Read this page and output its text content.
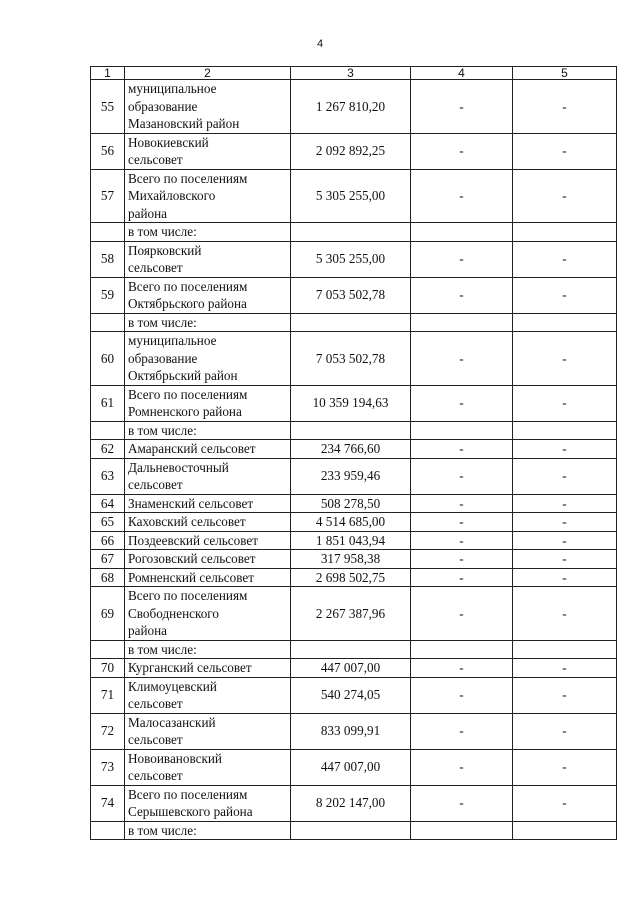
4
1	2	3	4	5
55	муниципальное
образование
Мазановский район	1 267 810,20	-	-
56	Новокиевский
сельсовет	2 092 892,25	-	-
57	Всего по поселениям
Михайловского
района	5 305 255,00	-	-
	в том числе:			
58	Поярковский
сельсовет	5 305 255,00	-	-
59	Всего по поселениям
Октябрьского района	7 053 502,78	-	-
	в том числе:			
60	муниципальное
образование
Октябрьский район	7 053 502,78	-	-
61	Всего по поселениям
Ромненского района	10 359 194,63	-	-
	в том числе:			
62	Амаранский сельсовет	234 766,60	-	-
63	Дальневосточный
сельсовет	233 959,46	-	-
64	Знаменский сельсовет	508 278,50	-	-
65	Каховский сельсовет	4 514 685,00	-	-
66	Поздеевский сельсовет	1 851 043,94	-	-
67	Рогозовский сельсовет	317 958,38	-	-
68	Ромненский сельсовет	2 698 502,75	-	-
69	Всего по поселениям
Свободненского
района	2 267 387,96	-	-
	в том числе:			
70	Курганский сельсовет	447 007,00	-	-
71	Климоуцевский
сельсовет	540 274,05	-	-
72	Малосазанский
сельсовет	833 099,91	-	-
73	Новоивановский
сельсовет	447 007,00	-	-
74	Всего по поселениям
Серышевского района	8 202 147,00	-	-
	в том числе:			
